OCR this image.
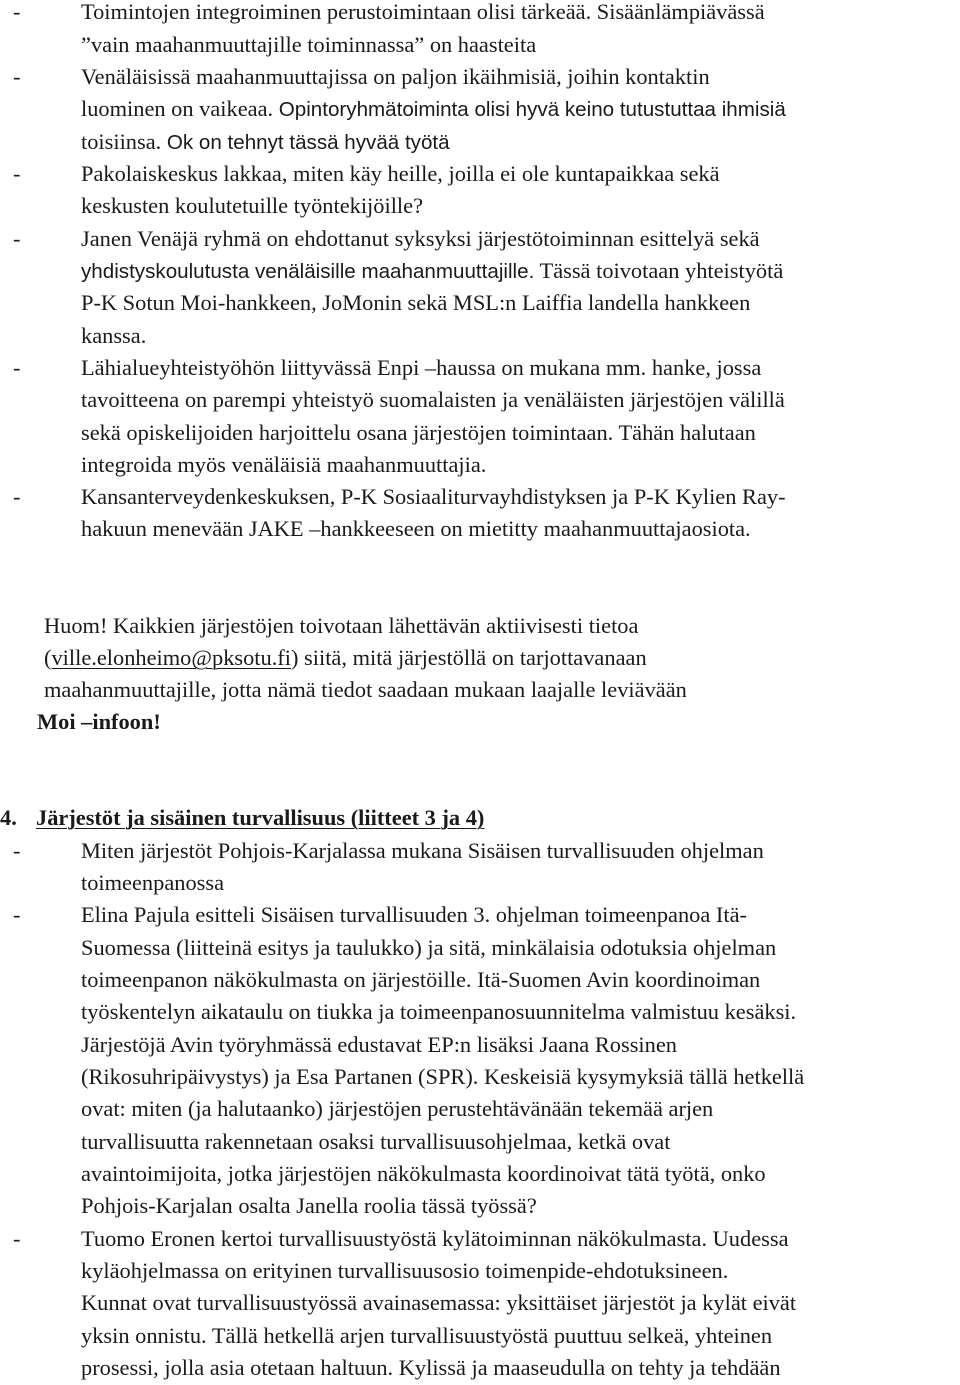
-	Toimintojen integroiminen perustoimintaan olisi tärkeää. Sisäänlämpiävässä
”vain maahanmuuttajille toiminnassa” on haasteita
-	Venäläisissä maahanmuuttajissa on paljon ikäihmisiä, joihin kontaktin
luominen on vaikeaa. Opintoryhmätoiminta olisi hyvä keino tutustuttaa ihmisiä
toisiinsa. Ok on tehnyt tässä hyvää työtä
-	Pakolaiskeskus lakkaa, miten käy heille, joilla ei ole kuntapaikkaa sekä
keskusten koulutetuille työntekijöille?
-	Janen Venäjä ryhmä on ehdottanut syksyksi järjestötoiminnan esittelyä sekä
yhdistyskoulutusta venäläisille maahanmuuttajille. Tässä toivotaan yhteistyötä
P-K Sotun Moi-hankkeen, JoMonin sekä MSL:n Laiffia landella hankkeen
kanssa.
-	Lähialueyhteistyöhön liittyvässä Enpi –haussa on mukana mm. hanke, jossa
tavoitteena on parempi yhteistyö suomalaisten ja venäläisten järjestöjen välillä
sekä opiskelijoiden harjoittelu osana järjestöjen toimintaan. Tähän halutaan
integroida myös venäläisiä maahanmuuttajia.
-	Kansanterveydenkeskuksen, P-K Sosiaaliturvayhdistyksen ja P-K Kylien Ray-
hakuun menevään JAKE –hankkeeseen on mietitty maahanmuuttajaosiota.
Huom! Kaikkien järjestöjen toivotaan lähettävän aktiivisesti tietoa
(ville.elonheimo@pksotu.fi) siitä, mitä järjestöllä on tarjottavanaan
maahanmuuttajille, jotta nämä tiedot saadaan mukaan laajalle leviävään
Moi –infoon!
4. Järjestöt ja sisäinen turvallisuus (liitteet 3 ja 4)
-	Miten järjestöt Pohjois-Karjalassa mukana Sisäisen turvallisuuden ohjelman
toimeenpanossa
-	Elina Pajula esitteli Sisäisen turvallisuuden 3. ohjelman toimeenpanoa Itä-
Suomessa (liitteinä esitys ja taulukko) ja sitä, minkälaisia odotuksia ohjelman
toimeenpanon näkökulmasta on järjestöille. Itä-Suomen Avin koordinoiman
työskentelyn aikataulu on tiukka ja toimeenpanosuunnitelma valmistuu kesäksi.
Järjestöjä Avin työryhmässä edustavat EP:n lisäksi Jaana Rossinen
(Rikosuhripäivystys) ja Esa Partanen (SPR). Keskeisiä kysymyksiä tällä hetkellä
ovat: miten (ja halutaanko) järjestöjen perustehtävänään tekemää arjen
turvallisuutta rakennetaan osaksi turvallisuusohjelmaa, ketkä ovat
avaintoimijoita, jotka järjestöjen näkökulmasta koordinoivat tätä työtä, onko
Pohjois-Karjalan osalta Janella roolia tässä työssä?
-	Tuomo Eronen kertoi turvallisuustyöstä kylätoiminnan näkökulmasta. Uudessa
kyläohjelmassa on erityinen turvallisuusosio toimenpide-ehdotuksineen.
Kunnat ovat turvallisuustyössä avainasemassa: yksittäiset järjestöt ja kylät eivät
yksin onnistu. Tällä hetkellä arjen turvallisuustyöstä puuttuu selkeä, yhteinen
prosessi, jolla asia otetaan haltuun. Kylissä ja maaseudulla on tehty ja tehdään
